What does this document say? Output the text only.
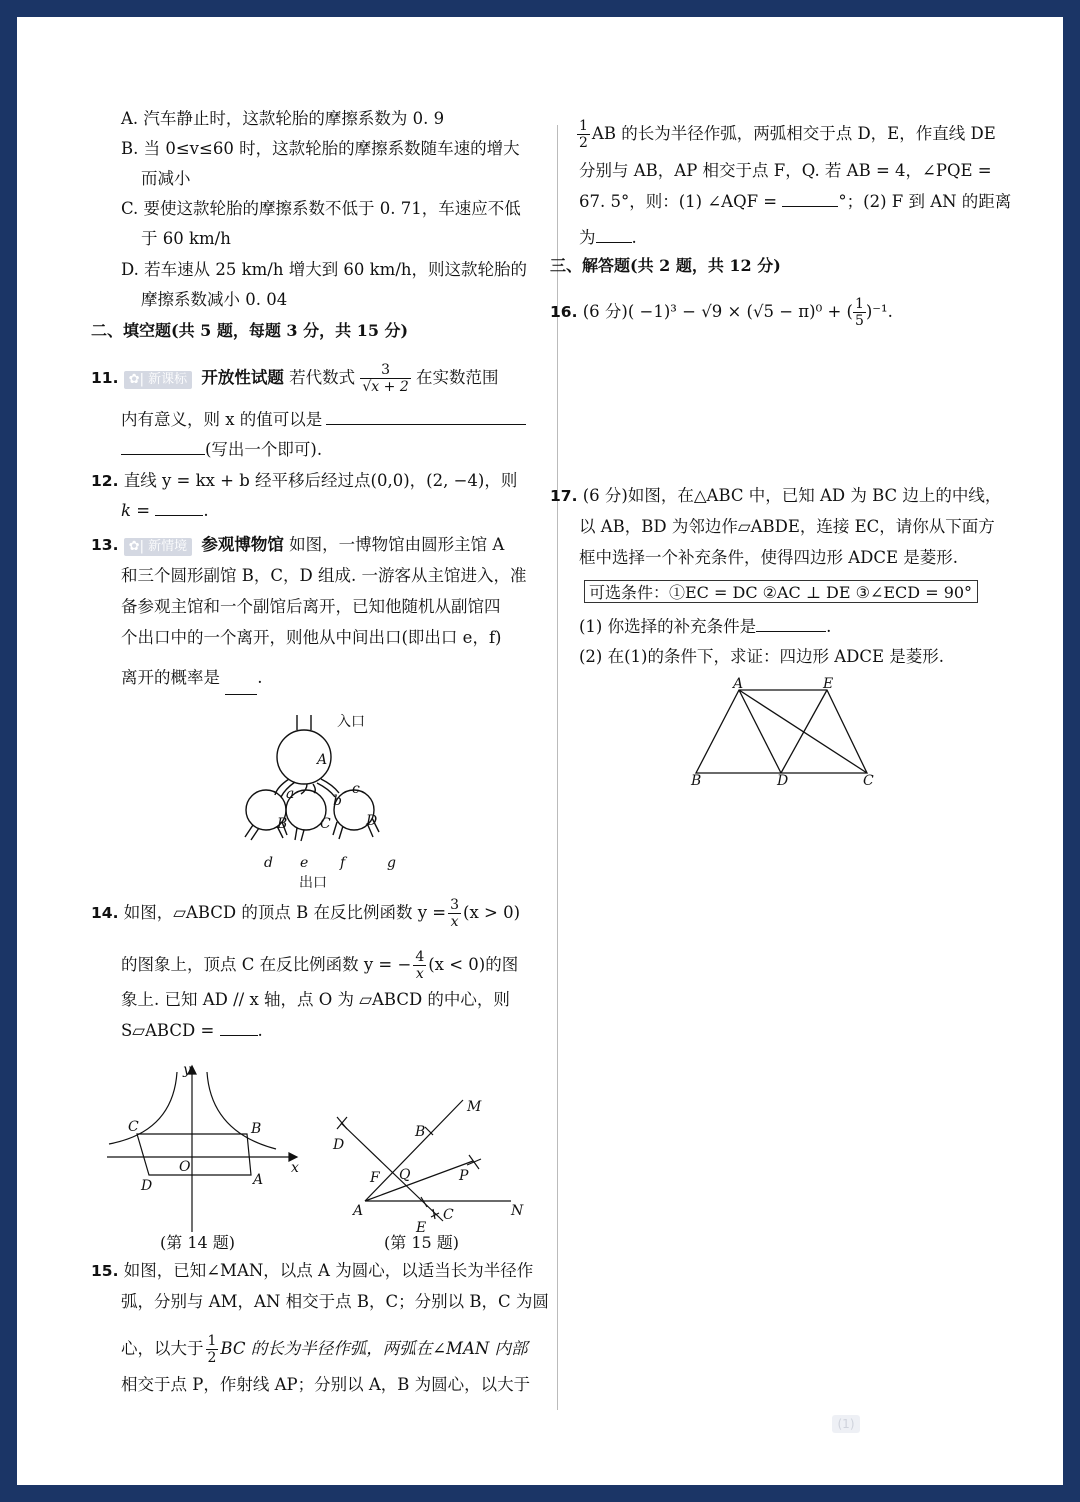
A. 汽车静止时，这款轮胎的摩擦系数为 0. 9
B. 当 0≤v≤60 时，这款轮胎的摩擦系数随车速的增大
而减小
C. 要使这款轮胎的摩擦系数不低于 0. 71，车速应不低
于 60 km/h
D. 若车速从 25 km/h 增大到 60 km/h，则这款轮胎的
摩擦系数减小 0. 04
二、填空题(共 5 题，每题 3 分，共 15 分)
11. ✿| 新课标 开放性试题 若代数式 $\frac{3}{√x + 2}$ 在实数范围
内有意义，则 x 的值可以是
(写出一个即可).
12. 直线 y = kx + b 经平移后经过点(0,0)，(2, −4)，则
k =	.
13. ✿| 新情境 参观博物馆 如图，一博物馆由圆形主馆 A
和三个圆形副馆 B，C，D 组成. 一游客从主馆进入，准
备参观主馆和一个副馆后离开，已知他随机从副馆四
个出口中的一个离开，则他从中间出口(即出口 e，f)
离开的概率是 .
入口
A
B C	D
a	b
c
d e f	g
出口
14. 如图，▱ABCD 的顶点 B 在反比例函数 $y = \frac{3}{x} (x > 0)$
的图象上，顶点 C 在反比例函数 y = − $\frac{4}{x} (x < 0)$的图
象上. 已知 AD // x 轴，点 O 为 ▱ABCD 的中心，则
S▱ABCD =	.
y
x
O
C	B
D	A
(第 14 题)
M
N
A
B
C
D
E
F	P
Q
(第 15 题)
15. 如图，已知∠MAN，以点 A 为圆心，以适当长为半径作
弧，分别与 AM，AN 相交于点 B，C；分别以 B，C 为圆
心，以大于 $\frac{1}{2}$ BC 的长为半径作弧，两弧在∠MAN 内部
相交于点 P，作射线 AP；分别以 A，B 为圆心，以大于
$\frac{1}{2}$ AB 的长为半径作弧，两弧相交于点 D，E，作直线 DE
分别与 AB，AP 相交于点 F，Q. 若 AB = 4，∠PQE =
67. 5°，则：(1) ∠AQF =	°；(2) F 到 AN 的距离
为 .
三、解答题(共 2 题，共 12 分)
16. (6 分)( −1)³ − √9 × (√5 − π)⁰ + ( $\frac{1}{5} )^{-1}$.
17. (6 分)如图，在△ABC 中，已知 AD 为 BC 边上的中线，
以 AB，BD 为邻边作▱ABDE，连接 EC，请你从下面方
框中选择一个补充条件，使得四边形 ADCE 是菱形.
可选条件：①EC = DC ②AC ⊥ DE ③∠ECD = 90°
(1) 你选择的补充条件是	.
(2) 在(1)的条件下，求证：四边形 ADCE 是菱形.
A	E
B	D	C
(1)
